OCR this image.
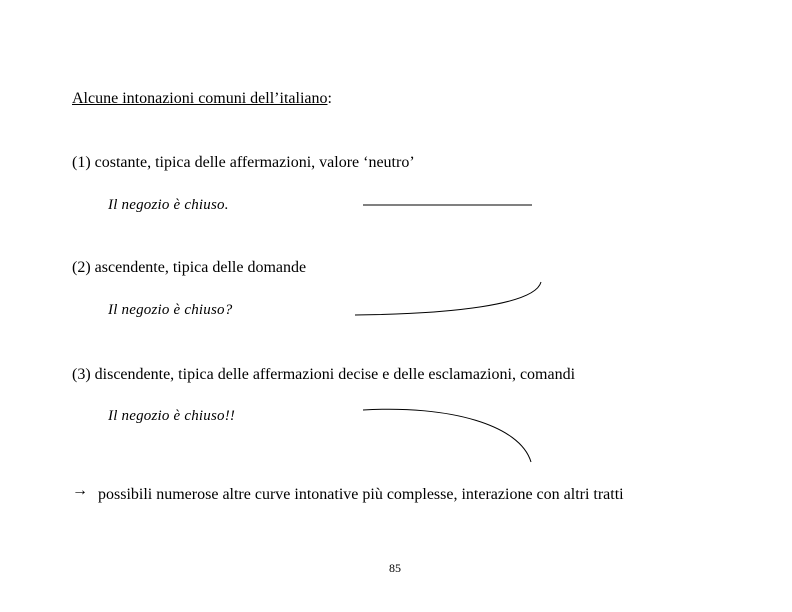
Alcune intonazioni comuni dell’italiano:
(1) costante, tipica delle affermazioni, valore ‘neutro’
Il negozio è chiuso.
(2) ascendente, tipica delle domande
Il negozio è chiuso?
(3) discendente, tipica delle affermazioni decise e delle esclamazioni, comandi
Il negozio è chiuso!!
→ possibili numerose altre curve intonative più complesse, interazione con altri tratti
85
